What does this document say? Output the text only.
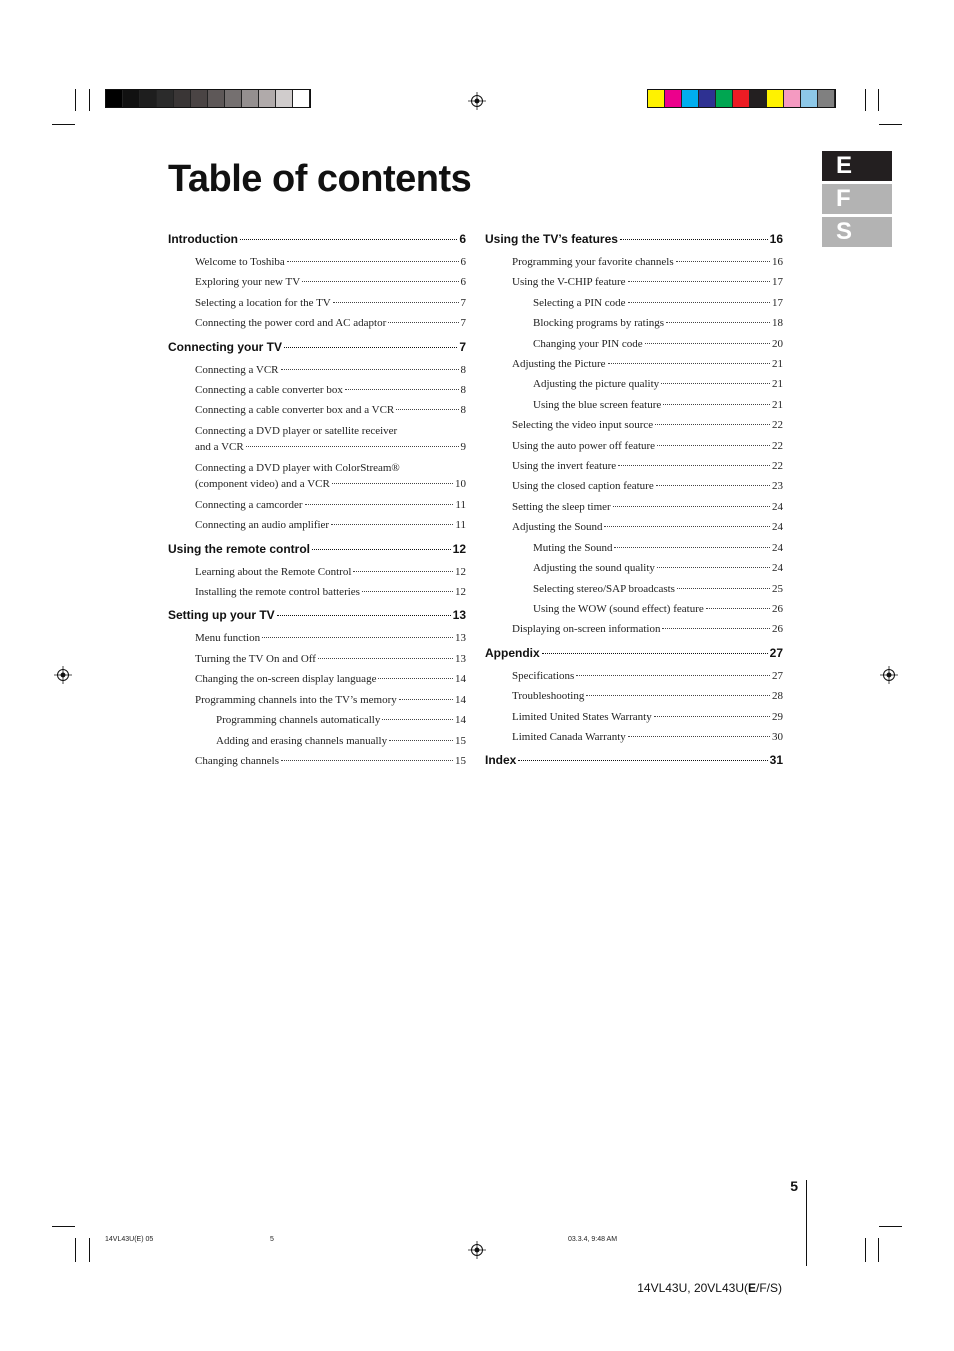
Table of contents	E
F
S
Introduction	6
Welcome to Toshiba	6
Exploring your new TV	6
Selecting a location for the TV	7
Connecting the power cord and AC adaptor	7
Connecting your TV	7
Connecting a VCR	8
Connecting a cable converter box	8
Connecting a cable converter box and a VCR	8
Connecting a DVD player or satellite receiver
and a VCR	9
Connecting a DVD player with ColorStream®
(component video) and a VCR	10
Connecting a camcorder	11
Connecting an audio amplifier	11
Using the remote control	12
Learning about the Remote Control	12
Installing the remote control batteries	12
Setting up your TV	13
Menu function	13
Turning the TV On and Off	13
Changing the on-screen display language	14
Programming channels into the TV’s memory	14
Programming channels automatically	14
Adding and erasing channels manually	15
Changing channels	15
Using the TV’s features	16
Programming your favorite channels	16
Using the V-CHIP feature	17
Selecting a PIN code	17
Blocking programs by ratings	18
Changing your PIN code	20
Adjusting the Picture	21
Adjusting the picture quality	21
Using the blue screen feature	21
Selecting the video input source	22
Using the auto power off feature	22
Using the invert feature	22
Using the closed caption feature	23
Setting the sleep timer	24
Adjusting the Sound	24
Muting the Sound	24
Adjusting the sound quality	24
Selecting stereo/SAP broadcasts	25
Using the WOW (sound effect) feature	26
Displaying on-screen information	26
Appendix	27
Specifications	27
Troubleshooting	28
Limited United States Warranty	29
Limited Canada Warranty	30
Index	31
5
14VL43U(E) 05	5	03.3.4, 9:48 AM
14VL43U, 20VL43U(E/F/S)
